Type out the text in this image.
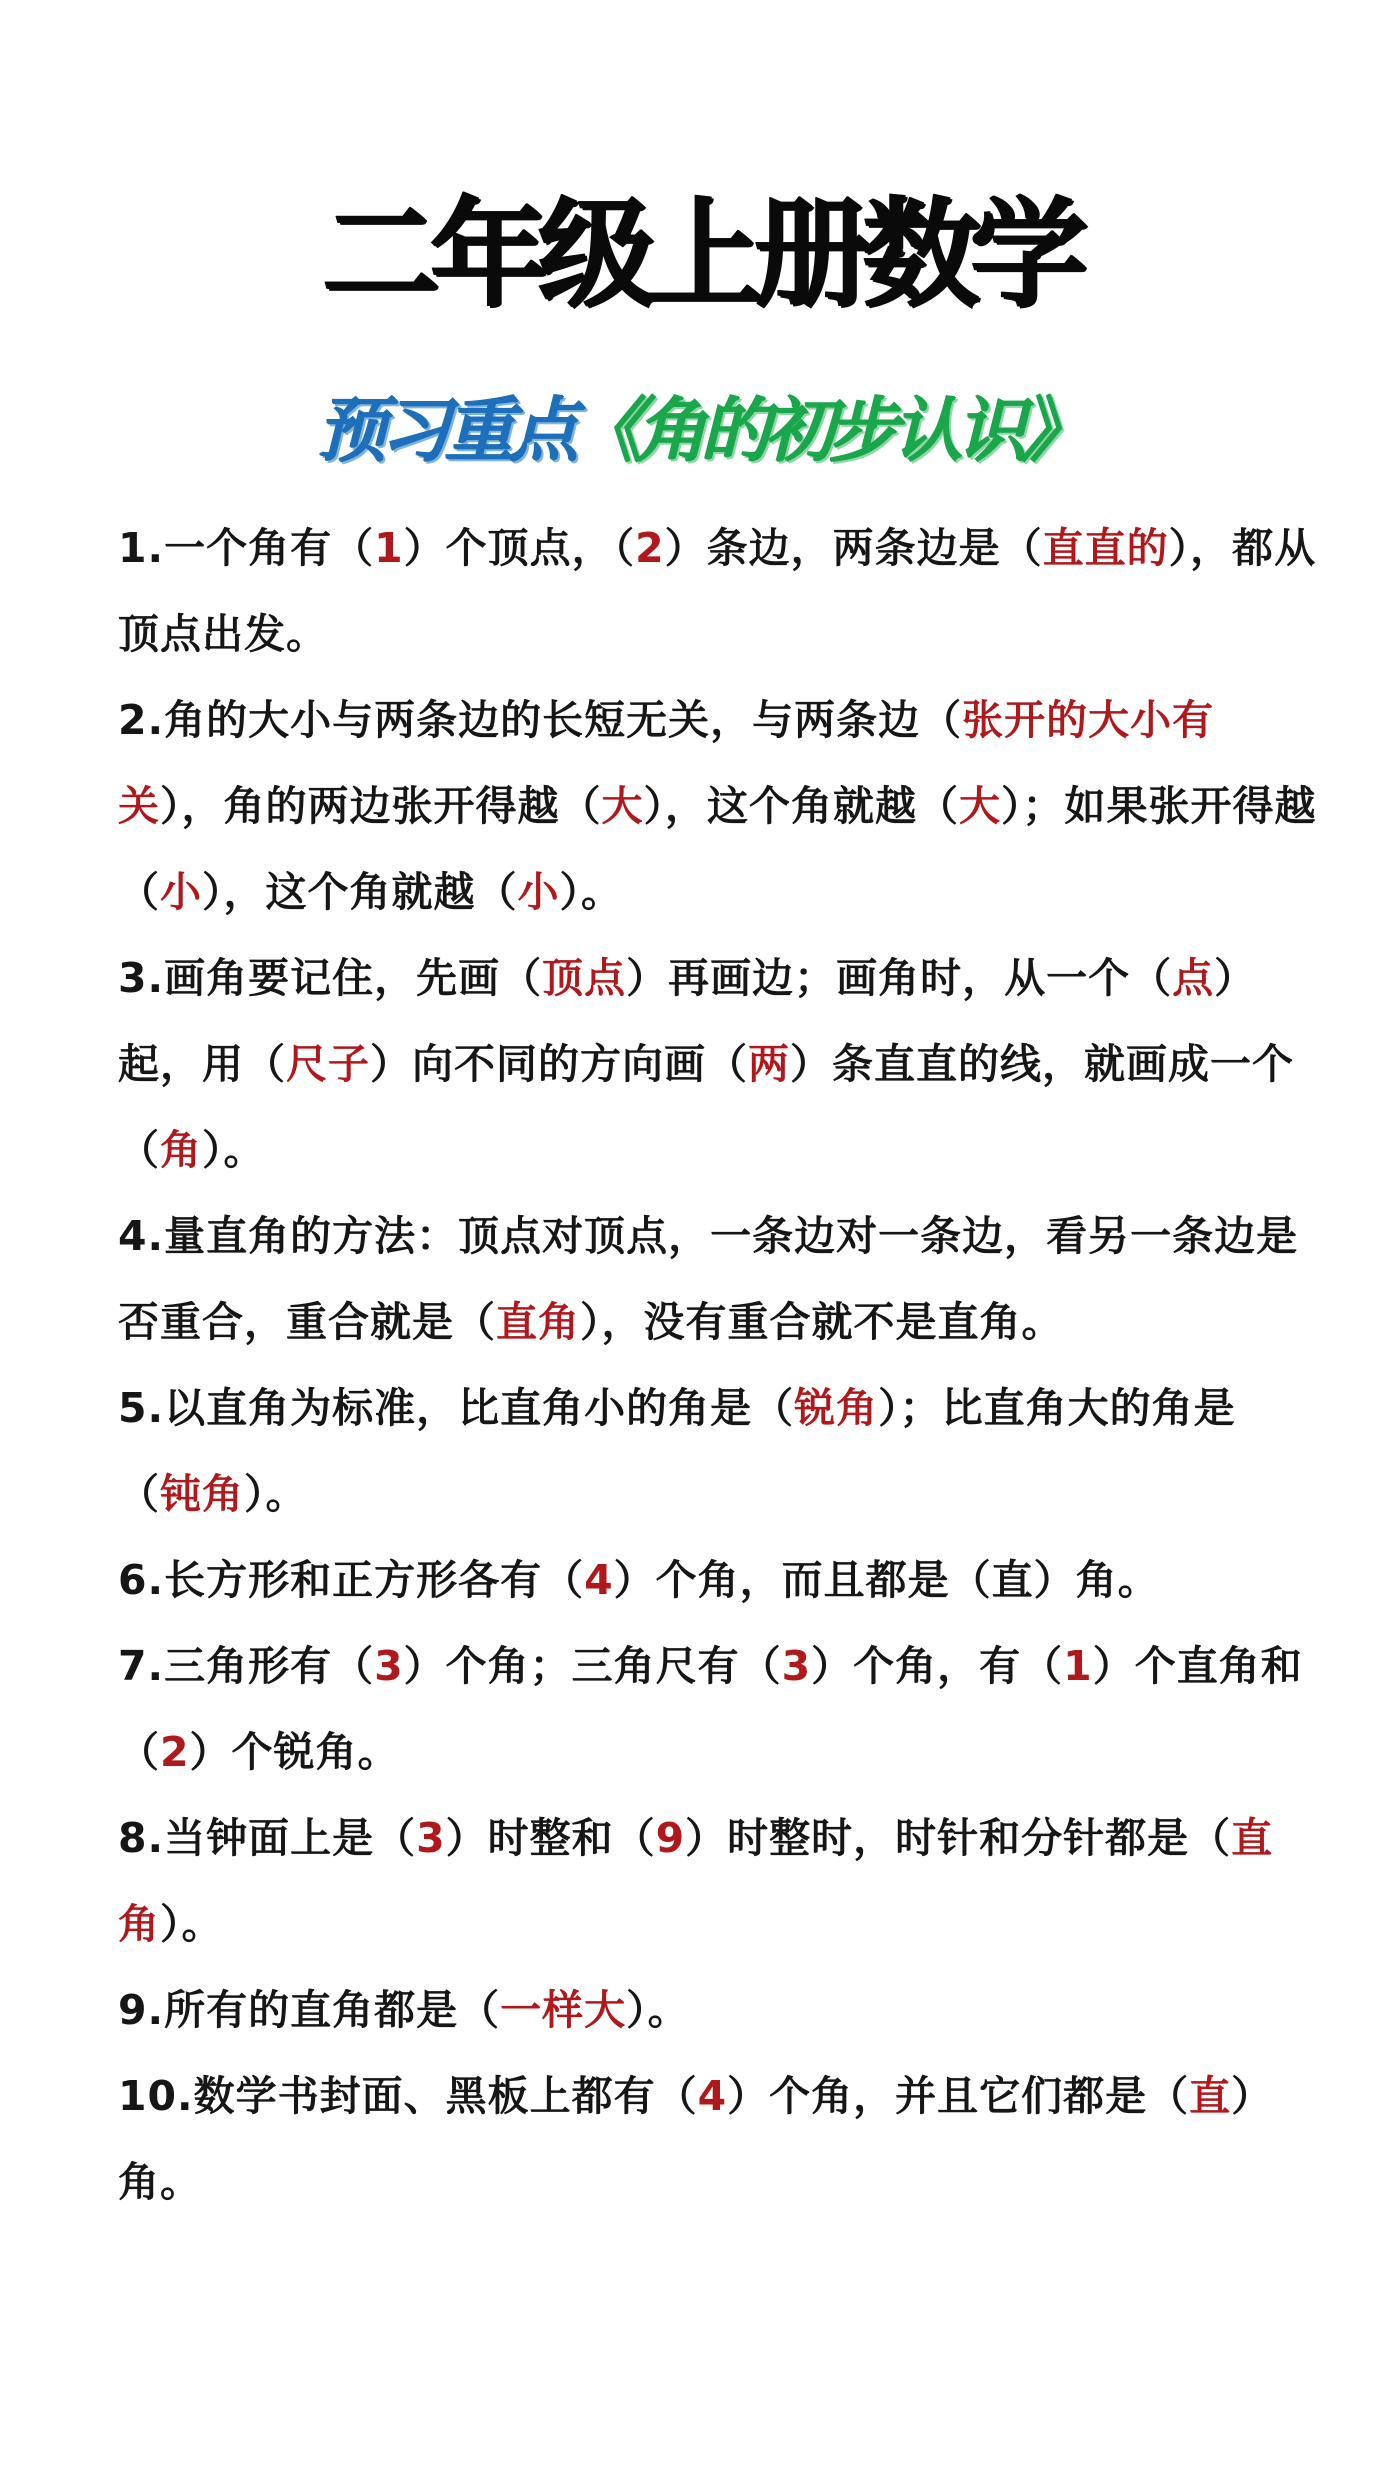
二年级上册数学
预习重点《角的初步认识》
1.一个角有（1）个顶点，（2）条边，两条边是（直直的），都从顶点出发。
2.角的大小与两条边的长短无关，与两条边（张开的大小有关），角的两边张开得越（大），这个角就越（大）；如果张开得越（小），这个角就越（小）。
3.画角要记住，先画（顶点）再画边；画角时，从一个（点）起，用（尺子）向不同的方向画（两）条直直的线，就画成一个（角）。
4.量直角的方法：顶点对顶点，一条边对一条边，看另一条边是否重合，重合就是（直角），没有重合就不是直角。
5.以直角为标准，比直角小的角是（锐角）；比直角大的角是（钝角）。
6.长方形和正方形各有（4）个角，而且都是（直）角。
7.三角形有（3）个角；三角尺有（3）个角，有（1）个直角和（2）个锐角。
8.当钟面上是（3）时整和（9）时整时，时针和分针都是（直角）。
9.所有的直角都是（一样大）。
10.数学书封面、黑板上都有（4）个角，并且它们都是（直）角。
